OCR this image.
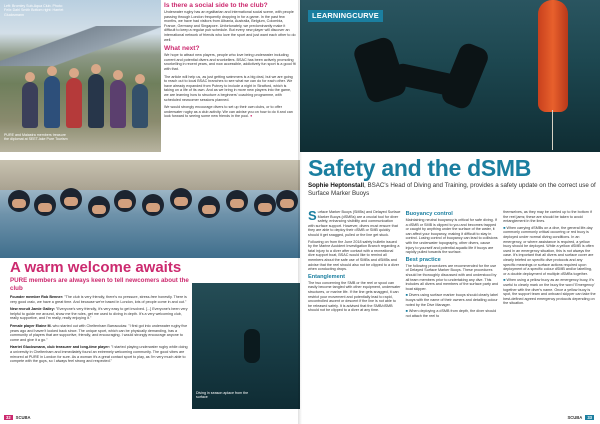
Left: Bromley Sub-Aqua Club. Photo: Felix Dahl Smith Bottom right: Harriet Glucksmann
PURE and Maiastra members treasure the diplomat at SEET-lake Pure Tourism
Is there a social side to the club?

Underwater rugby has an egalitarian and international social scene, with people passing through London frequently dropping in for a game. In the past few months, we have had visitors from Albania, Australia, Belgium, Colombia, France, Germany and Singapore. Unfortunately, we predominantly make it difficult to keep a regular pub schedule. But every new player will discover an international network of friends who love the sport and just want each other to do well.

What next?

We hope to attract new players, people who love being underwater including current and potential divers and snorkellers. BSAC has been actively promoting snorkelling in recent years, and now accessible, addictively fun sport is a good fit with that.

The article will help us, as just getting swimmers is a big deal, but we are going to reach out to local BSAC branches to see what we can do for each other. We have already expanded from Putney to include a night in Stratford, which is taking on a life of its own. And as we bring in more new players into the game, we are learning how to structure a beginners' coaching programme, with scheduled newcomer sessions planned.

We would strongly encourage divers to set up their own clubs, or to offer underwater rugby as a club activity. We can advise you on how to do it and can look forward to seeing some new friends in the pool. ●

A warm welcome awaits
PURE members are always keen to tell newcomers about the club

Founder member Rob Benner: "The club is very friendly, there's no pressure, stress-free honestly. There is very good craic, we have a great time. And because we're based in London, lots of people come in and out."

New recruit Jamie Gailey: "Everyone's very friendly, it's very easy to get involved. [...] Everyone's been very helpful to guide me around, show me the rules, get me used to diving in depth. It's a very welcoming club, really supportive, and I'm really, really enjoying it."

Female player Elaine M. who started out with Cheltenham Barracudas: "I first got into underwater rugby five years ago and haven't looked back since. The unique sport, which can be physically demanding, has a community of players that are supportive, friendly, and encouraging. I would strongly encourage anyone to come and give it a go."

Harriet Glucksmann, club treasurer and long-time player: "I started playing underwater rugby while doing a university in Cheltenham and immediately found an extremely welcoming community. The good vibes are mirrored at PURE in London for sure. As a woman it's a great contact sport to play, as I'm very much able to compete with the guys, so I always feel strong and respected."

Diving in season aplace from the surface
32 SCUBA
LEARNINGCURVE
Safety and the dSMB

Sophie Heptonstall, BSAC's Head of Diving and Training, provides a safety update on the correct use of Surface Marker Buoys

Surface Marker Buoys (SMBs) and Delayed Surface Marker Buoys (dSMBs) are a crucial tool for diver safety, enhancing visibility and communication with surface support. However, divers must ensure that they are able to deploy their dSMB or SMB quickly should it get snagged, pulled or the line get stuck.

Following on from the June 2018 safety bulletin issued by the Marine Accident Investigation Branch regarding a fatal injury to a diver after contact with a recreational dive support boat, BSAC would like to remind all members about the safe use of SMBs and dSMBs and advise that the reel should also not be clipped to a diver when conducting drops.

Entanglement

The two concerning the SMB or the reel or spool can easily become tangled with other equipment, underwater structures, or marine life. If the line gets snagged, it can restrict your movement and potentially lead to rapid, uncontrolled ascent or descent if the line is not able to be released safely. It is advised that the SMB/dSMB should not be clipped to a diver at any time.

Buoyancy control

Maintaining neutral buoyancy is critical for safe diving. If a dSMB or SMB is clipped to you and becomes trapped or caught by anything under the surface of the water, it can affect your buoyancy, making it difficult to stay in control. Losing control of buoyancy can lead to collisions with the underwater topography, other divers, cause injury to yourself and potential aquatic life if buoys are rapidly pulled towards the surface.

Best practice

The following procedures are recommended for the use of Delayed Surface Marker Buoys. These procedures should be thoroughly discussed with and understood by all team members prior to undertaking any dive. This includes all divers and members of the surface party and boat skipper.

■ Divers using surface marker buoys should clearly label buoys with the name of their owners and detailing colour noted by the Dive Manager.

■ When deploying a dSMB from depth, the diver should not attach the reel to

themselves, as they may be carried up to the bottom if the reel jams; these are should be taken to avoid entanglement in the lines.

■ When carrying dSMBs on a dive, the general life-day commonly commonly critical occurring or red buoy is deployed under normal diving conditions. In an emergency, or where assistance is required, a yellow buoy should be deployed. While a yellow dSMB is often used in an emergency situation, this is not always the case. It's important that all divers and surface cover are clearly briefed on specific dive protocols and any specific meanings or surface actions required upon deployment of a specific colour dSMB and/or labelling, or a double deployment of multiple dSMBs together.

■ When using a yellow buoy as an emergency buoy, it's useful to clearly mark on the buoy the word 'Emergency' together with the diver's name. Once a yellow buoy is spot, the support team and onboard skipper can take the best-defined agreed emergency protocols depending on the situation.

SCUBA 33
